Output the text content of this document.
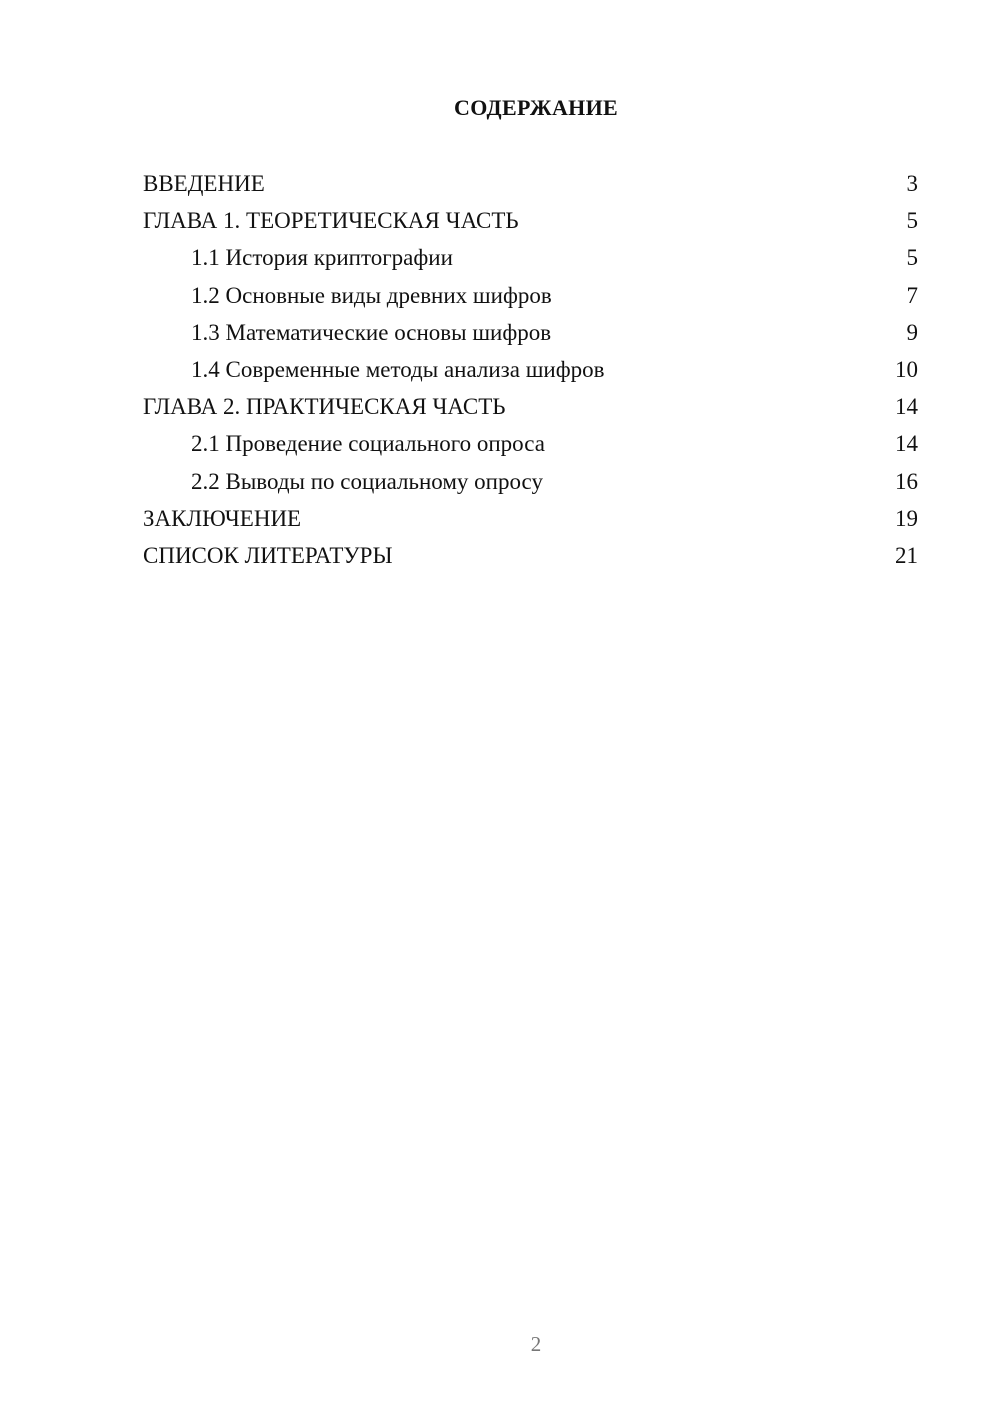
СОДЕРЖАНИЕ
ВВЕДЕНИЕ	3
ГЛАВА 1. ТЕОРЕТИЧЕСКАЯ ЧАСТЬ	5
1.1 История криптографии	5
1.2 Основные виды древних шифров	7
1.3 Математические основы шифров	9
1.4 Современные методы анализа шифров	10
ГЛАВА 2. ПРАКТИЧЕСКАЯ ЧАСТЬ	14
2.1 Проведение социального опроса	14
2.2 Выводы по социальному опросу	16
ЗАКЛЮЧЕНИЕ	19
СПИСОК ЛИТЕРАТУРЫ	21
2
